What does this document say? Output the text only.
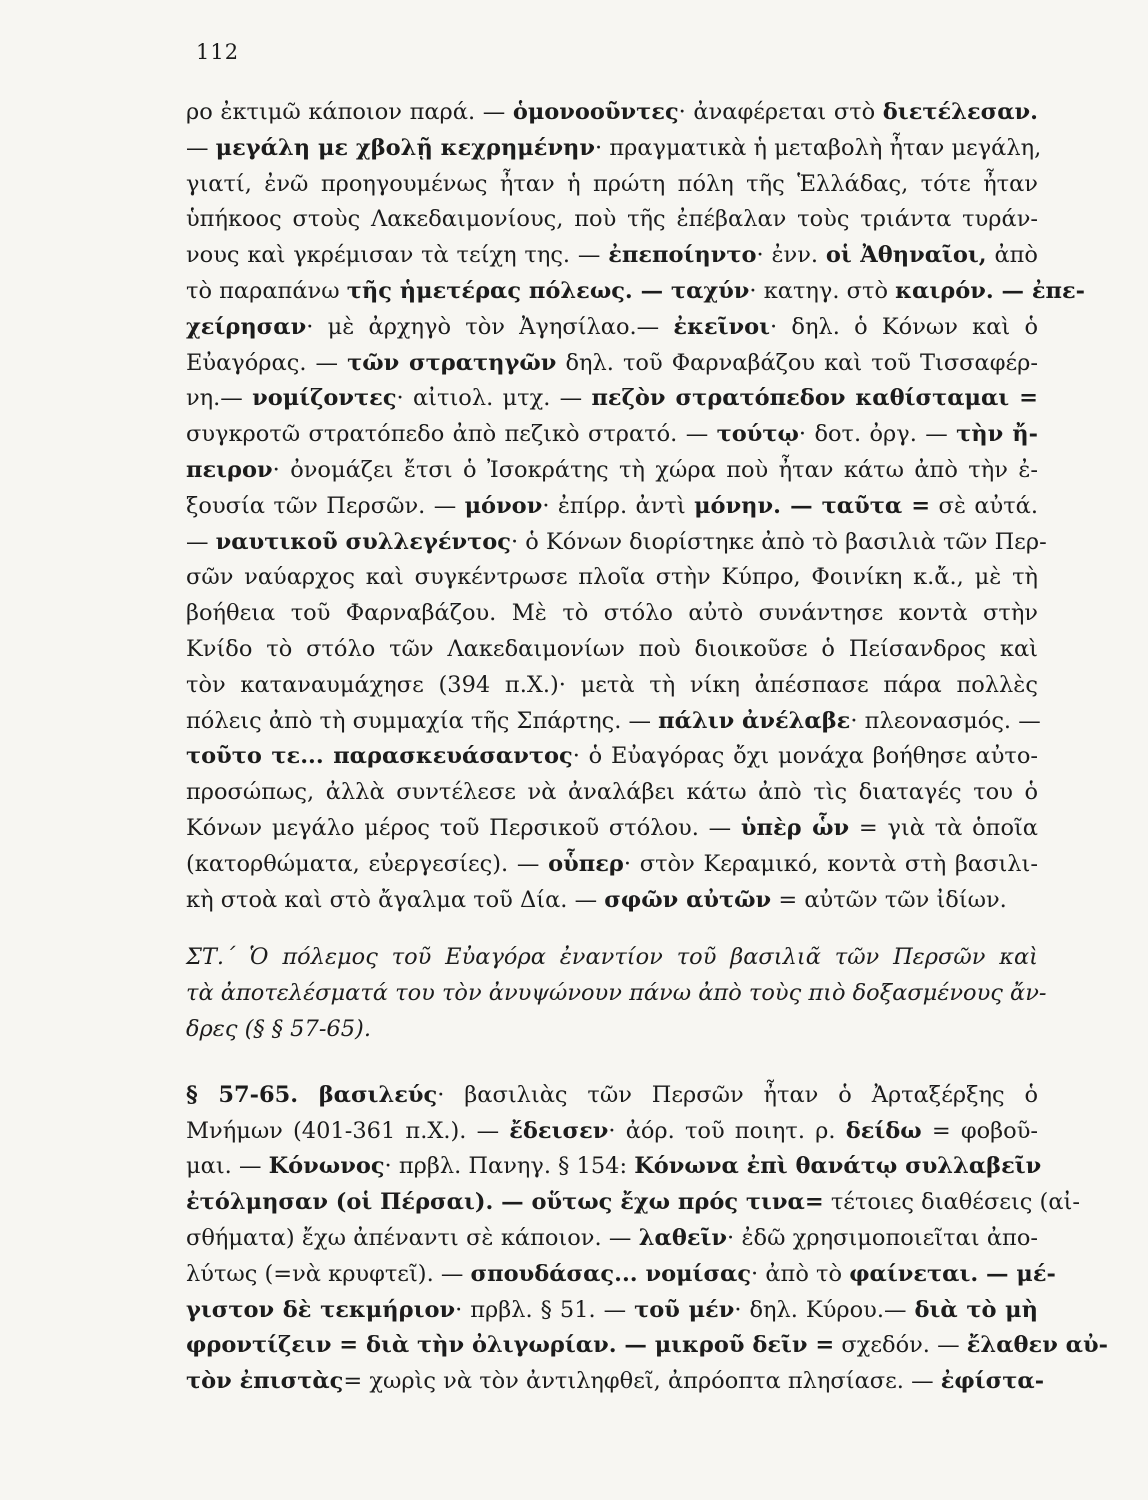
112
ρο ἐκτιμῶ κάποιον παρά. — ὁμονοοῦντες· ἀναφέρεται στὸ διετέλεσαν.
— μεγάλη με χβολῇ κεχρημένην· πραγματικὰ ἡ μεταβολὴ ἦταν μεγάλη,
γιατί, ἐνῶ προηγουμένως ἦταν ἡ πρώτη πόλη τῆς Ἑλλάδας, τότε ἦταν
ὑπήκοος στοὺς Λακεδαιμονίους, ποὺ τῆς ἐπέβαλαν τοὺς τριάντα τυράν-
νους καὶ γκρέμισαν τὰ τείχη της. — ἐπεποίηντο· ἐνν. οἱ Ἀθηναῖοι, ἀπὸ
τὸ παραπάνω τῆς ἡμετέρας πόλεως. — ταχύν· κατηγ. στὸ καιρόν. — ἐπε-
χείρησαν· μὲ ἀρχηγὸ τὸν Ἀγησίλαο.— ἐκεῖνοι· δηλ. ὁ Κόνων καὶ ὁ
Εὐαγόρας. — τῶν στρατηγῶν δηλ. τοῦ Φαρναβάζου καὶ τοῦ Τισσαφέρ-
νη.— νομίζοντες· αἰτιολ. μτχ. — πεζὸν στρατόπεδον καθίσταμαι =
συγκροτῶ στρατόπεδο ἀπὸ πεζικὸ στρατό. — τούτῳ· δοτ. ὀργ. — τὴν ἤ-
πειρον· ὀνομάζει ἔτσι ὁ Ἰσοκράτης τὴ χώρα ποὺ ἦταν κάτω ἀπὸ τὴν ἐ-
ξουσία τῶν Περσῶν. — μόνον· ἐπίρρ. ἀντὶ μόνην. — ταῦτα = σὲ αὐτά.
— ναυτικοῦ συλλεγέντος· ὁ Κόνων διορίστηκε ἀπὸ τὸ βασιλιὰ τῶν Περ-
σῶν ναύαρχος καὶ συγκέντρωσε πλοῖα στὴν Κύπρο, Φοινίκη κ.ἄ., μὲ τὴ
βοήθεια τοῦ Φαρναβάζου. Μὲ τὸ στόλο αὐτὸ συνάντησε κοντὰ στὴν
Κνίδο τὸ στόλο τῶν Λακεδαιμονίων ποὺ διοικοῦσε ὁ Πείσανδρος καὶ
τὸν καταναυμάχησε (394 π.Χ.)· μετὰ τὴ νίκη ἀπέσπασε πάρα πολλὲς
πόλεις ἀπὸ τὴ συμμαχία τῆς Σπάρτης. — πάλιν ἀνέλαβε· πλεονασμός. —
τοῦτο τε... παρασκευάσαντος· ὁ Εὐαγόρας ὄχι μονάχα βοήθησε αὐτο-
προσώπως, ἀλλὰ συντέλεσε νὰ ἀναλάβει κάτω ἀπὸ τὶς διαταγές του ὁ
Κόνων μεγάλο μέρος τοῦ Περσικοῦ στόλου. — ὑπὲρ ὧν = γιὰ τὰ ὁποῖα
(κατορθώματα, εὐεργεσίες). — οὗπερ· στὸν Κεραμικό, κοντὰ στὴ βασιλι-
κὴ στοὰ καὶ στὸ ἄγαλμα τοῦ Δία. — σφῶν αὐτῶν = αὐτῶν τῶν ἰδίων.
ΣΤ.΄ Ὁ πόλεμος τοῦ Εὐαγόρα ἐναντίον τοῦ βασιλιᾶ τῶν Περσῶν καὶ
τὰ ἀποτελέσματά του τὸν ἀνυψώνουν πάνω ἀπὸ τοὺς πιὸ δοξασμένους ἄν-
δρες (§ § 57-65).
§ 57-65. βασιλεύς· βασιλιὰς τῶν Περσῶν ἦταν ὁ Ἀρταξέρξης ὁ
Μνήμων (401-361 π.Χ.). — ἔδεισεν· ἀόρ. τοῦ ποιητ. ρ. δείδω = φοβοῦ-
μαι. — Κόνωνος· πρβλ. Πανηγ. § 154: Κόνωνα ἐπὶ θανάτῳ συλλαβεῖν
ἐτόλμησαν (οἱ Πέρσαι). — οὕτως ἔχω πρός τινα= τέτοιες διαθέσεις (αἰ-
σθήματα) ἔχω ἀπέναντι σὲ κάποιον. — λαθεῖν· ἐδῶ χρησιμοποιεῖται ἀπο-
λύτως (=νὰ κρυφτεῖ). — σπουδάσας... νομίσας· ἀπὸ τὸ φαίνεται. — μέ-
γιστον δὲ τεκμήριον· πρβλ. § 51. — τοῦ μέν· δηλ. Κύρου.— διὰ τὸ μὴ
φροντίζειν = διὰ τὴν ὀλιγωρίαν. — μικροῦ δεῖν = σχεδόν. — ἔλαθεν αὐ-
τὸν ἐπιστὰς= χωρὶς νὰ τὸν ἀντιληφθεῖ, ἀπρόοπτα πλησίασε. — ἐφίστα-
